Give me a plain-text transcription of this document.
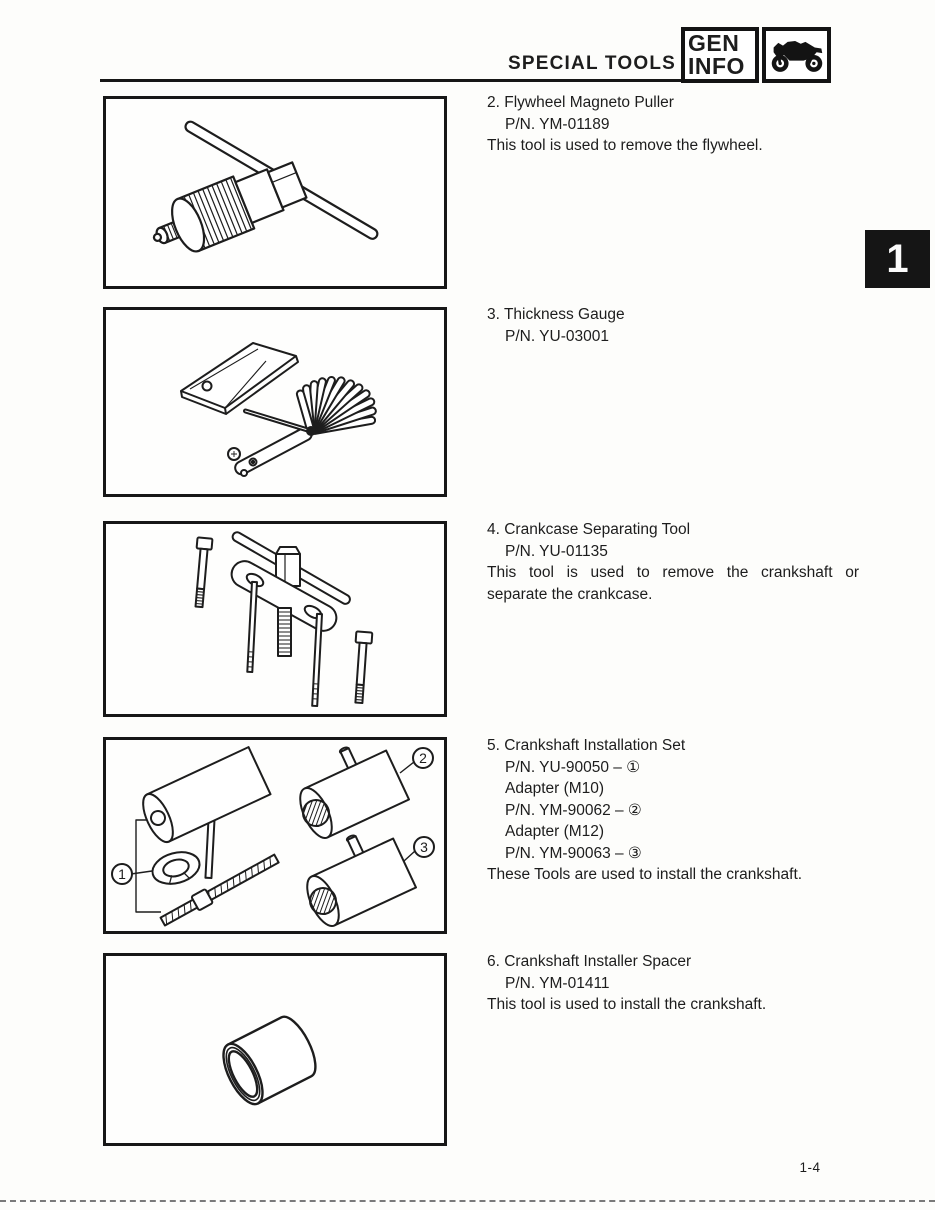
SPECIAL TOOLS
GEN
INFO
1
2. Flywheel Magneto Puller
P/N. YM-01189
This tool is used to remove the flywheel.
3. Thickness Gauge
P/N. YU-03001
4. Crankcase Separating Tool
P/N. YU-01135
This tool is used to remove the crankshaft or
separate the crankcase.
1
2
3
5. Crankshaft Installation Set
P/N. YU-90050 – ①
Adapter (M10)
P/N. YM-90062 – ②
Adapter (M12)
P/N. YM-90063 – ③
These Tools are used to install the crankshaft.
6. Crankshaft Installer Spacer
P/N. YM-01411
This tool is used to install the crankshaft.
1-4
